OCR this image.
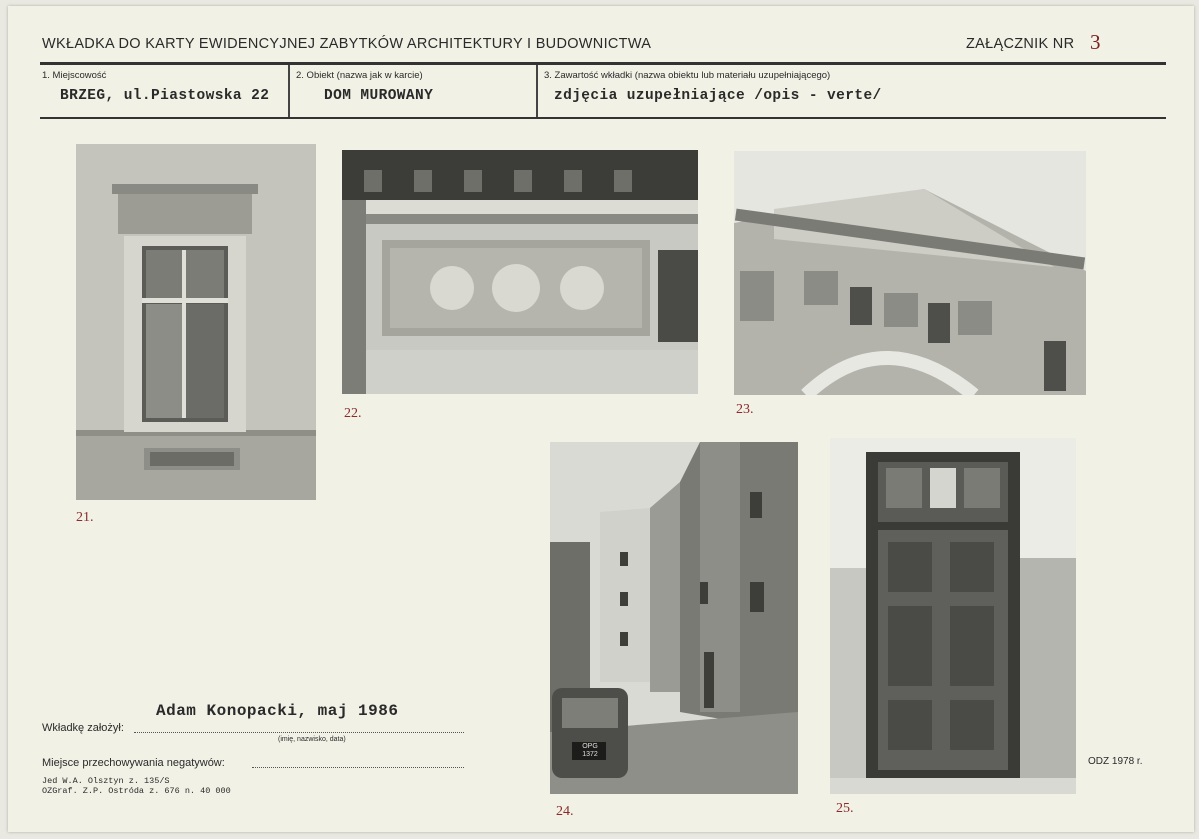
WKŁADKA DO KARTY EWIDENCYJNEJ ZABYTKÓW ARCHITEKTURY I BUDOWNICTWA	ZAŁĄCZNIK NR 3
1. Miejscowość
BRZEG, ul.Piastowska 22
2. Obiekt (nazwa jak w karcie)
DOM MUROWANY
3. Zawartość wkładki (nazwa obiektu lub materiału uzupełniającego)
zdjęcia uzupełniające /opis - verte/
21.
22.	23.
OPG
1372
24.	25.
Adam Konopacki, maj 1986
Wkładkę założył:
(imię, nazwisko, data)
Miejsce przechowywania negatywów:
Jed W.A. Olsztyn z. 135/S
OZGraf. Z.P. Ostróda z. 676 n. 40 000
ODZ 1978 r.
